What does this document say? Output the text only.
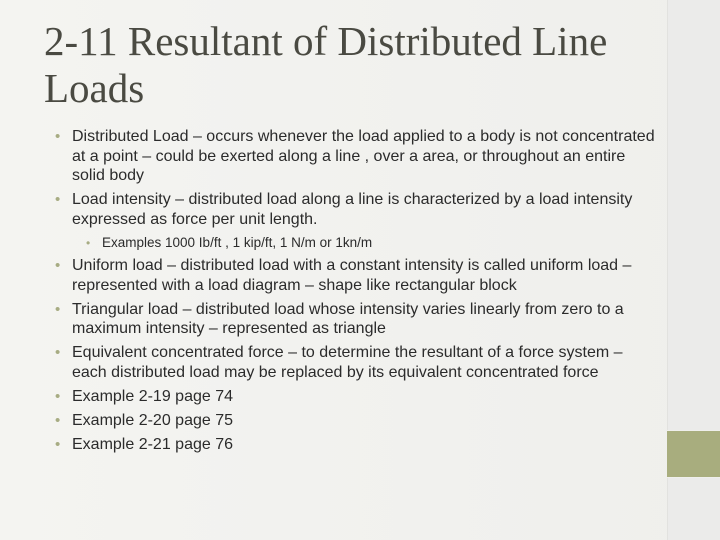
2-11 Resultant of Distributed Line Loads
• Distributed Load – occurs whenever the load applied to a body is not concentrated at a point – could be exerted along a line , over a area, or throughout an entire solid body
• Load intensity – distributed load along a line is characterized by a load intensity expressed as force per unit length.
• Examples 1000 Ib/ft , 1 kip/ft, 1 N/m or 1kn/m
• Uniform load – distributed load with a constant intensity is called uniform load – represented with a load diagram – shape like rectangular block
• Triangular load – distributed load whose intensity varies linearly from zero to a maximum intensity – represented as triangle
• Equivalent concentrated force – to determine the resultant of a force system – each distributed load may be replaced by its equivalent concentrated force
• Example 2-19 page 74
• Example 2-20 page 75
• Example 2-21 page 76
